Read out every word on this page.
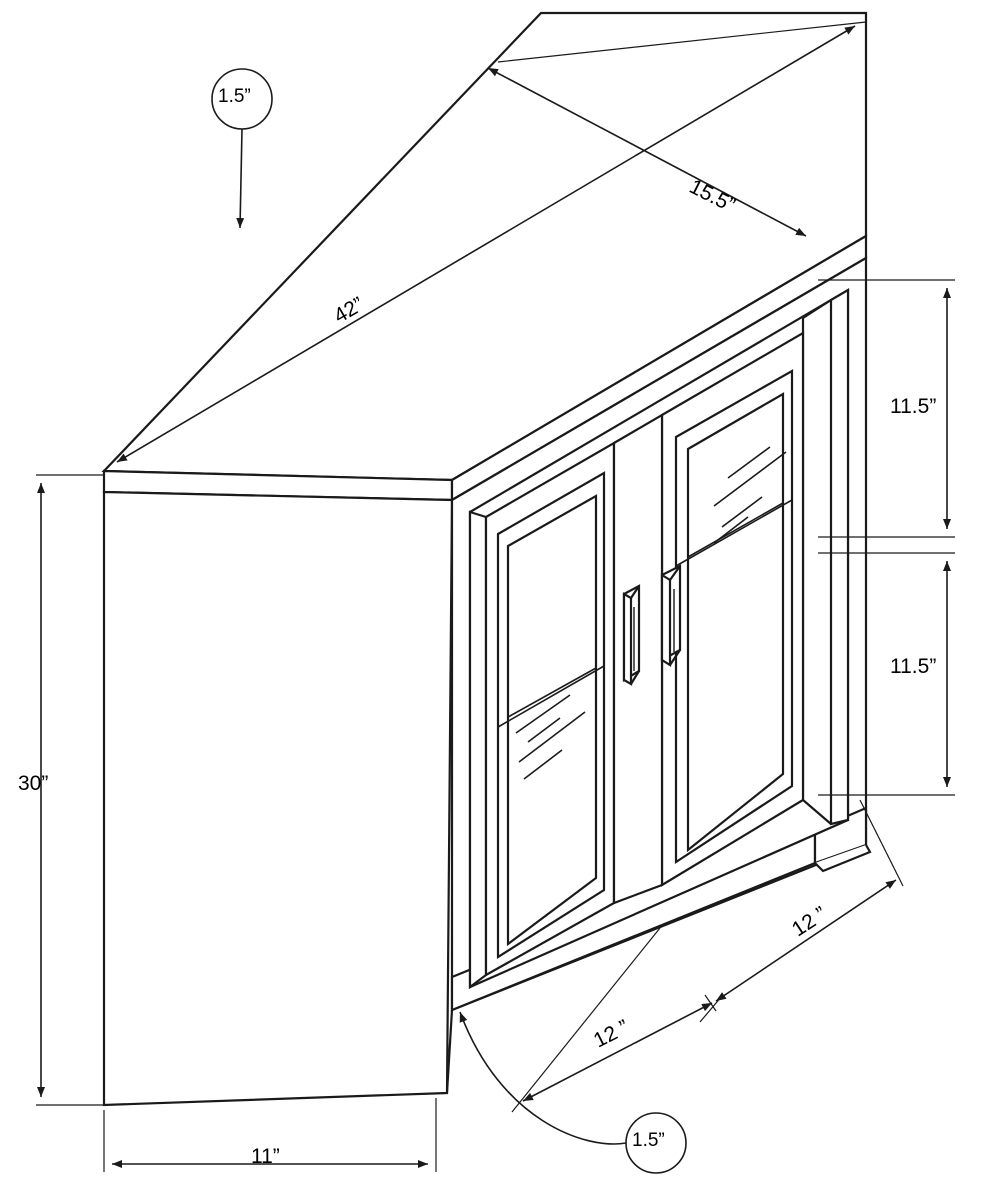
1.5”
15.5”
42”
11.5”
11.5”
30”
12 ”
12 ”
11”
1.5”
